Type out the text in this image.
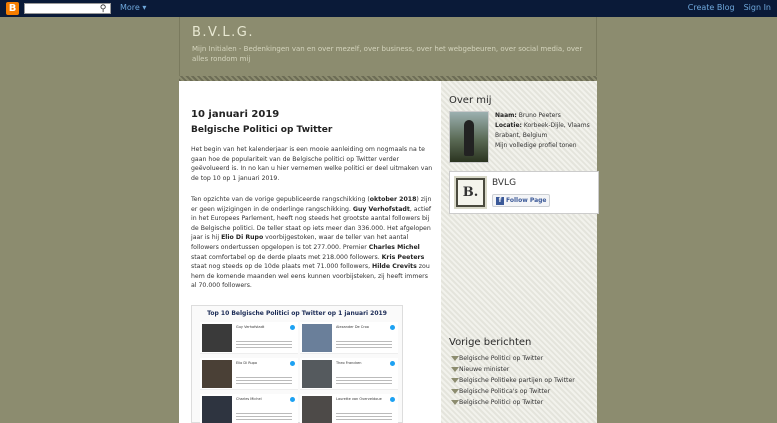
B	⚲ More ▾	Create Blog Sign In
B.V.L.G.
Mijn Initialen - Bedenkingen van en over mezelf, over business, over het webgebeuren, over social media, over alles rondom mij
10 januari 2019
Belgische Politici op Twitter
Het begin van het kalenderjaar is een mooie aanleiding om nogmaals na te gaan hoe de populariteit van de Belgische politici op Twitter verder geëvolueerd is. In no kan u hier vernemen welke politici er deel uitmaken van de top 10 op 1 januari 2019.
Ten opzichte van de vorige gepubliceerde rangschikking (oktober 2018) zijn er geen wijzigingen in de onderlinge rangschikking. Guy Verhofstadt, actief in het Europees Parlement, heeft nog steeds het grootste aantal followers bij de Belgische politici. De teller staat op iets meer dan 336.000. Het afgelopen jaar is hij Elio Di Rupo voorbijgestoken, waar de teller van het aantal followers ondertussen opgelopen is tot 277.000. Premier Charles Michel staat comfortabel op de derde plaats met 218.000 followers. Kris Peeters staat nog steeds op de 10de plaats met 71.000 followers, Hilde Crevits zou hem de komende maanden wel eens kunnen voorbijsteken, zij heeft immers al 70.000 followers.
Top 10 Belgische Politici op Twitter op 1 januari 2019
Guy Verhofstadt	Alexander De Croo
Elio Di Rupo	Theo Francken
Charles Michel	Laurette van Overveldoue
Over mij
Naam: Bruno Peeters
Locatie: Korbeek-Dijle, Vlaams Brabant, Belgium
Mijn volledige profiel tonen
B.
BVLG
f Follow Page
Vorige berichten
Belgische Politici op Twitter
Nieuwe minister
Belgische Politieke partijen op Twitter
Belgische Politica's op Twitter
Belgische Politici op Twitter
